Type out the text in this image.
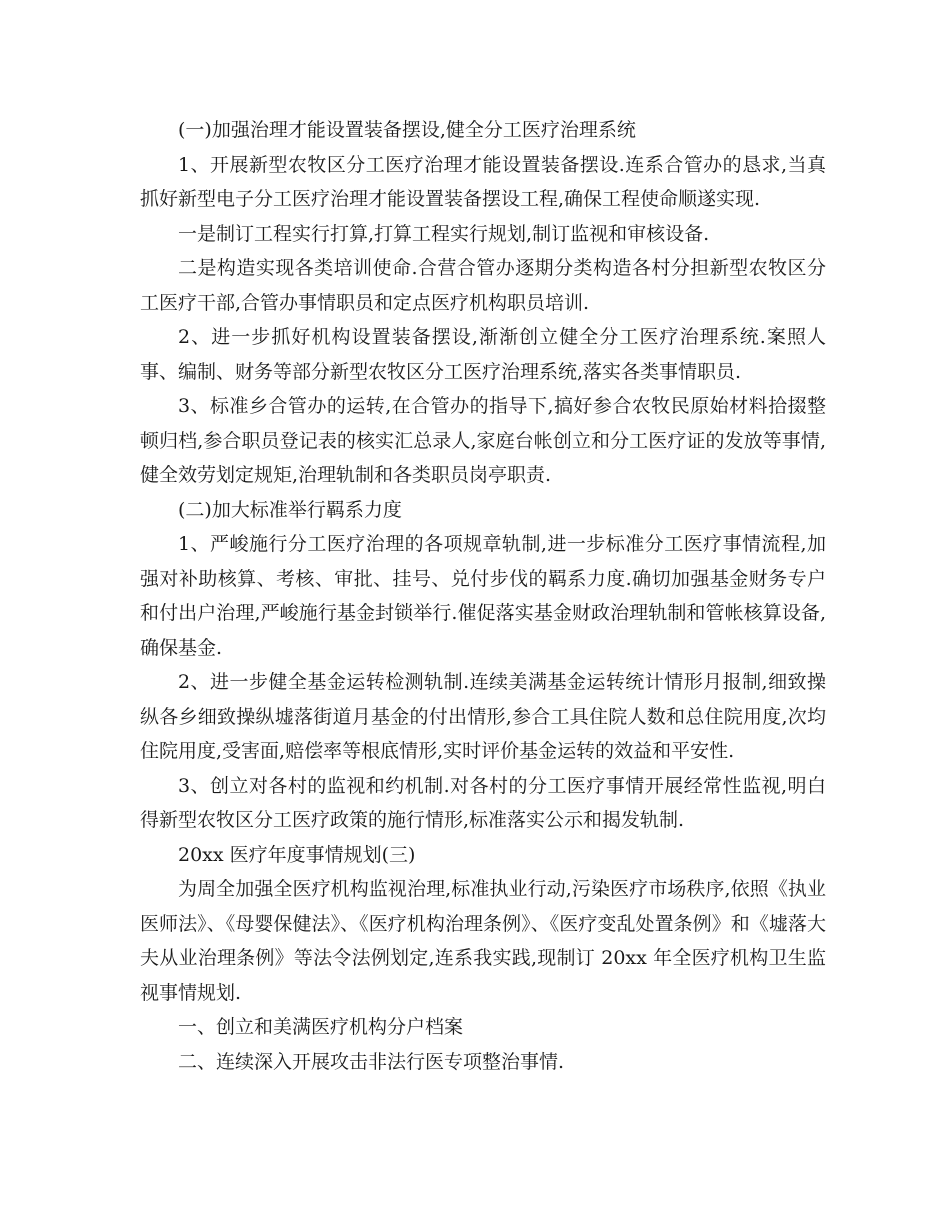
(一)加强治理才能设置装备摆设,健全分工医疗治理系统

1、开展新型农牧区分工医疗治理才能设置装备摆设.连系合管办的恳求,当真抓好新型电子分工医疗治理才能设置装备摆设工程,确保工程使命顺遂实现.

一是制订工程实行打算,打算工程实行规划,制订监视和审核设备.

二是构造实现各类培训使命.合营合管办逐期分类构造各村分担新型农牧区分工医疗干部,合管办事情职员和定点医疗机构职员培训.

2、进一步抓好机构设置装备摆设,渐渐创立健全分工医疗治理系统.案照人事、编制、财务等部分新型农牧区分工医疗治理系统,落实各类事情职员.

3、标准乡合管办的运转,在合管办的指导下,搞好参合农牧民原始材料拾掇整顿归档,参合职员登记表的核实汇总录人,家庭台帐创立和分工医疗证的发放等事情,健全效劳划定规矩,治理轨制和各类职员岗亭职责.

(二)加大标准举行羁系力度

1、严峻施行分工医疗治理的各项规章轨制,进一步标准分工医疗事情流程,加强对补助核算、考核、审批、挂号、兑付步伐的羁系力度.确切加强基金财务专户和付出户治理,严峻施行基金封锁举行.催促落实基金财政治理轨制和管帐核算设备,确保基金.

2、进一步健全基金运转检测轨制.连续美满基金运转统计情形月报制,细致操纵各乡细致操纵墟落街道月基金的付出情形,参合工具住院人数和总住院用度,次均住院用度,受害面,赔偿率等根底情形,实时评价基金运转的效益和平安性.

3、创立对各村的监视和约机制.对各村的分工医疗事情开展经常性监视,明白得新型农牧区分工医疗政策的施行情形,标准落实公示和揭发轨制.

20xx 医疗年度事情规划(三)

为周全加强全医疗机构监视治理,标准执业行动,污染医疗市场秩序,依照《执业医师法》、《母婴保健法》、《医疗机构治理条例》、《医疗变乱处置条例》和《墟落大夫从业治理条例》等法令法例划定,连系我实践,现制订 20xx 年全医疗机构卫生监视事情规划.

一、创立和美满医疗机构分户档案

二、连续深入开展攻击非法行医专项整治事情.
